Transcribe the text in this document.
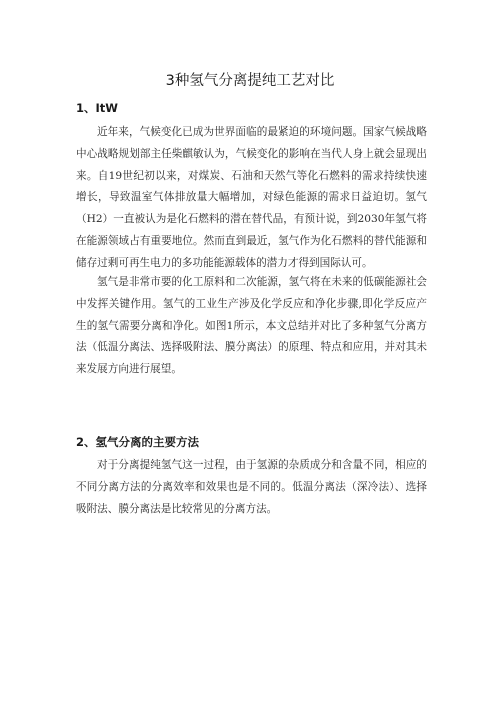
3种氢气分离提纯工艺对比
1、ItW

近年来，气候变化已成为世界面临的最紧迫的环境问题。国家气候战略中心战略规划部主任柴麒敏认为，气候变化的影响在当代人身上就会显现出来。自19世纪初以来，对煤炭、石油和天然气等化石燃料的需求持续快速增长，导致温室气体排放量大幅增加，对绿色能源的需求日益迫切。氢气（H2）一直被认为是化石燃料的潜在替代品，有预计说，到2030年氢气将在能源领域占有重要地位。然而直到最近，氢气作为化石燃料的替代能源和储存过剩可再生电力的多功能能源载体的潜力才得到国际认可。

氢气是非常市要的化工原料和二次能源，氢气将在未来的低碳能源社会中发挥关键作用。氢气的工业生产涉及化学反应和净化步骤,即化学反应产生的氢气需要分离和净化。如图1所示，本文总结并对比了多种氢气分离方法（低温分离法、选择吸附法、膜分离法）的原理、特点和应用，并对其未来发展方向进行展望。

2、氢气分离的主要方法

对于分离提纯氢气这一过程，由于氢源的杂质成分和含量不同，相应的不同分离方法的分离效率和效果也是不同的。低温分离法（深冷法）、选择吸附法、膜分离法是比较常见的分离方法。
